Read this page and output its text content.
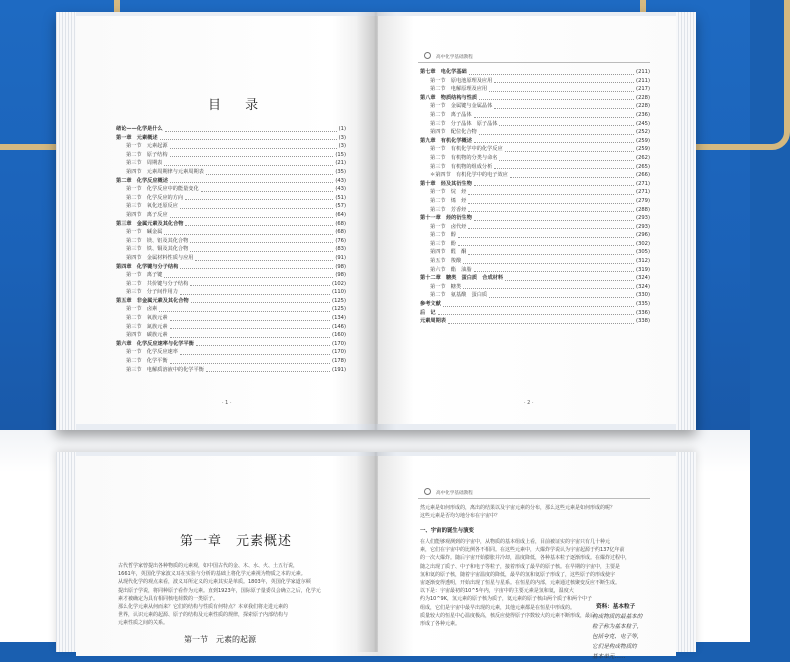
目 录
绪论——化学是什么	(1)
第一章　元素概述	(3)
第一节　元素起源	(3)
第二节　原子结构	(15)
第三节　周期表	(21)
第四节　元素周期律与元素周期表	(35)
第二章　化学反应概述	(43)
第一节　化学反应中的能量变化	(43)
第二节　化学反应的方向	(51)
第三节　氧化还原反应	(57)
第四节　离子反应	(64)
第三章　金属元素及其化合物	(68)
第一节　碱金属	(68)
第二节　镁、铝及其化合物	(76)
第三节　铁、铜及其化合物	(83)
第四节　金属材料性质与应用	(91)
第四章　化学键与分子结构	(98)
第一节　离子键	(98)
第二节　共价键与分子结构	(102)
第三节　分子间作用力	(110)
第五章　非金属元素及其化合物	(125)
第一节　卤素	(125)
第二节　氧族元素	(134)
第三节　氮族元素	(146)
第四节　碳族元素	(160)
第六章　化学反应速率与化学平衡	(170)
第一节　化学反应速率	(170)
第二节　化学平衡	(178)
第三节　电解质溶液中的化学平衡	(191)
· 1 ·
高中化学基础教程
第七章　电化学基础	(211)
第一节　原电池原理及应用	(211)
第二节　电解原理及应用	(217)
第八章　物质结构与性质	(228)
第一节　金属键与金属晶体	(228)
第二节　离子晶体	(236)
第三节　分子晶体　原子晶体	(245)
第四节　配位化合物	(252)
第九章　有机化学概述	(259)
第一节　有机化学中的化学反应	(259)
第二节　有机物的分类与命名	(262)
第三节　有机物的组成分析	(265)
＊第四节　有机化学中的电子效应	(266)
第十章　烃及其衍生物	(271)
第一节　烷　烃	(271)
第二节　烯　烃	(279)
第三节　芳香烃	(288)
第十一章　烃的衍生物	(293)
第一节　卤代烃	(293)
第二节　醇	(296)
第三节　酚	(302)
第四节　醛　酮	(305)
第五节　羧酸	(312)
第六节　酯　油脂	(319)
第十二章　糖类　蛋白质　合成材料	(324)
第一节　糖类	(324)
第二节　氨基酸　蛋白质	(330)
参考文献	(335)
后　记	(336)
元素周期表	(338)
· 2 ·
第一章　元素概述
古代哲学家曾提出各种物质的元素观，如中国古代的金、木、水、火、土五行说，
1661年，英国化学家波义耳在实验与分析的基础上将化学元素视为物质之本的元素。
从现代化学的观点来看，波义耳所定义的元素其实是单质。1803年，英国化学家道尔顿
提出原子学说，将同种原子看作为元素。直到1923年，国际原子量委员会确立之后，化学元
素才被确定为具有相同核电荷数的一类原子。
那么化学元素从何而来？它们的结构与性质有何特点？本章我们将走进元素的
世界，认识元素的起源、原子的结构及元素性质的规律，探索原子内部结构与
元素性质之间的关系。
第一节　元素的起源
高中化学基础教程
然元素是如何形成的，离出的结果以及宇宙元素的分布，那么这些元素是如何形成的呢？
这些元素是否均匀地分布在宇宙中？
一、宇宙的诞生与演变
在人们能够观测到的宇宙中，从物质的基本组成上看，目前被证实的宇宙只有几十种元
素，它们在宇宙中的比例各不相同。在这些元素中，大爆炸学说认为宇宙起源于约137亿年前
的一次大爆炸。随后宇宙开始膨胀并冷却，温度降低，各种基本粒子逐渐形成。在爆炸过程中，
随之出现了质子、中子和电子等粒子，接着形成了最早的原子核。在早期的宇宙中，主要是
氢和氦的原子核，随着宇宙温度的降低，最早的氢和氦原子形成了，这些原子的形成使宇
宙逐渐变得透明，开始出现了恒星与星系。在恒星的内部，元素通过核聚变反应不断生成。
以下是：宇宙最初的10^5年内，宇宙中的主要元素是氢和氦，温度大
约为10^9K，氢元素的原子核为质子，氦元素的原子核由两个质子和两个中子
组成，它们是宇宙中最早出现的元素，其他元素都是在恒星中形成的。
质量较大的恒星中心温度极高，核反应使得原子序数较大的元素不断形成，最后
形成了各种元素。
资料：基本粒子
构成物质的最基本的
粒子称为基本粒子，
包括夸克、电子等，
它们是构成物质的
基本单元……
